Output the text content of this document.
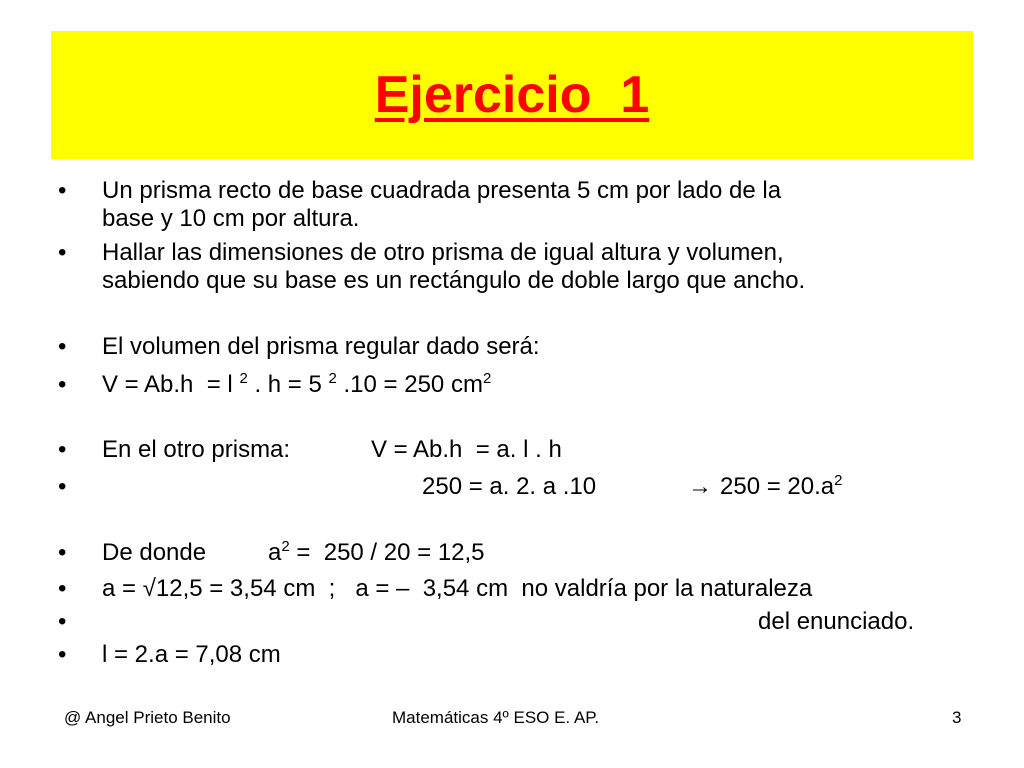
Ejercicio  1
• Un prisma recto de base cuadrada presenta 5 cm por lado de la
base y 10 cm por altura.
• Hallar las dimensiones de otro prisma de igual altura y volumen,
sabiendo que su base es un rectángulo de doble largo que ancho.
• El volumen del prisma regular dado será:
• V = Ab.h  = l $^2$ . h = 5 $^2$ .10 = 250 $cm^2$
• En el otro prisma:	V = Ab.h  = a. l . h
•	250 = a. 2. a .10	→ $250 = 20.a^2$
• De donde	$a^2 = 250 / 20 = 12,5$
• a = √12,5 = 3,54 cm  ;   a = –  3,54 cm  no valdría por la naturaleza
•	del enunciado.
• l = 2.a = 7,08 cm
@ Angel Prieto Benito	Matemáticas 4º ESO E. AP.	3
